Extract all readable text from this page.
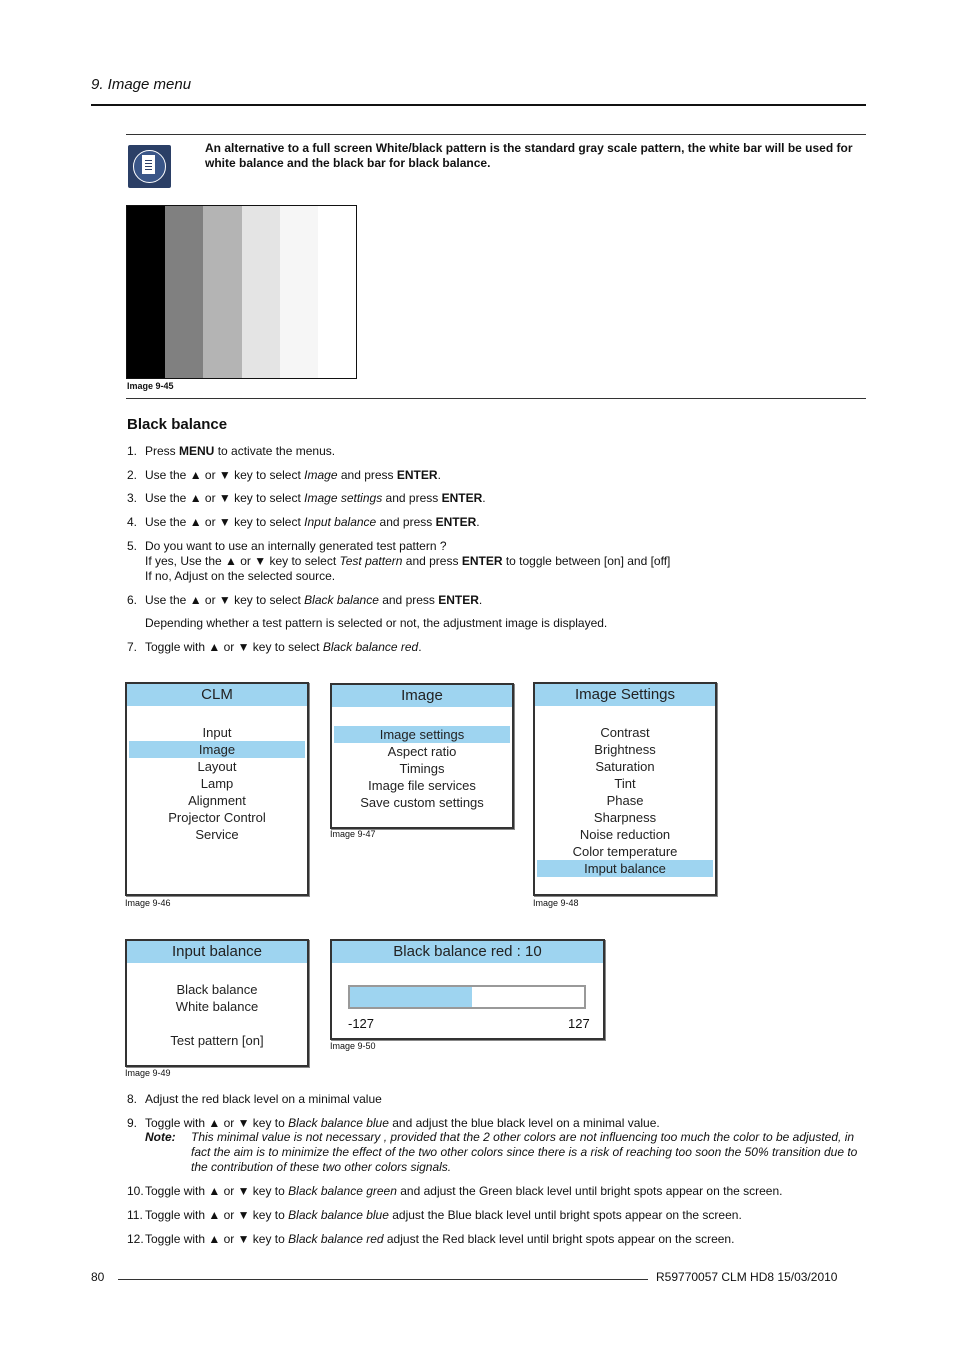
9. Image menu
An alternative to a full screen White/black pattern is the standard gray scale pattern, the white bar will be used for white balance and the black bar for black balance.
Image 9-45
Black balance
1. Press MENU to activate the menus.
2. Use the ▲ or ▼ key to select Image and press ENTER.
3. Use the ▲ or ▼ key to select Image settings and press ENTER.
4. Use the ▲ or ▼ key to select Input balance and press ENTER.
5. Do you want to use an internally generated test pattern ?
If yes, Use the ▲ or ▼ key to select Test pattern and press ENTER to toggle between [on] and [off]
If no, Adjust on the selected source.
6. Use the ▲ or ▼ key to select Black balance and press ENTER.
Depending whether a test pattern is selected or not, the adjustment image is displayed.
7. Toggle with ▲ or ▼ key to select Black balance red.
CLM
Input
Image
Layout
Lamp
Alignment
Projector Control
Service
Image 9-46
Image
Image settings
Aspect ratio
Timings
Image file services
Save custom settings
Image 9-47
Image Settings
Contrast
Brightness
Saturation
Tint
Phase
Sharpness
Noise reduction
Color temperature
Imput balance
Image 9-48
Input balance
Black balance
White balance
Test pattern [on]
Image 9-49
Black balance red : 10
-127	127
Image 9-50
8. Adjust the red black level on a minimal value
9. Toggle with ▲ or ▼ key to Black balance blue and adjust the blue black level on a minimal value.
10. Toggle with ▲ or ▼ key to Black balance green and adjust the Green black level until bright spots appear on the screen.
11. Toggle with ▲ or ▼ key to Black balance blue adjust the Blue black level until bright spots appear on the screen.
12. Toggle with ▲ or ▼ key to Black balance red adjust the Red black level until bright spots appear on the screen.
Note: This minimal value is not necessary , provided that the 2 other colors are not influencing too much the color to be adjusted, in fact the aim is to minimize the effect of the two other colors since there is a risk of reaching too soon the 50% transition due to the contribution of these two other colors signals.
80	R59770057 CLM HD8 15/03/2010
